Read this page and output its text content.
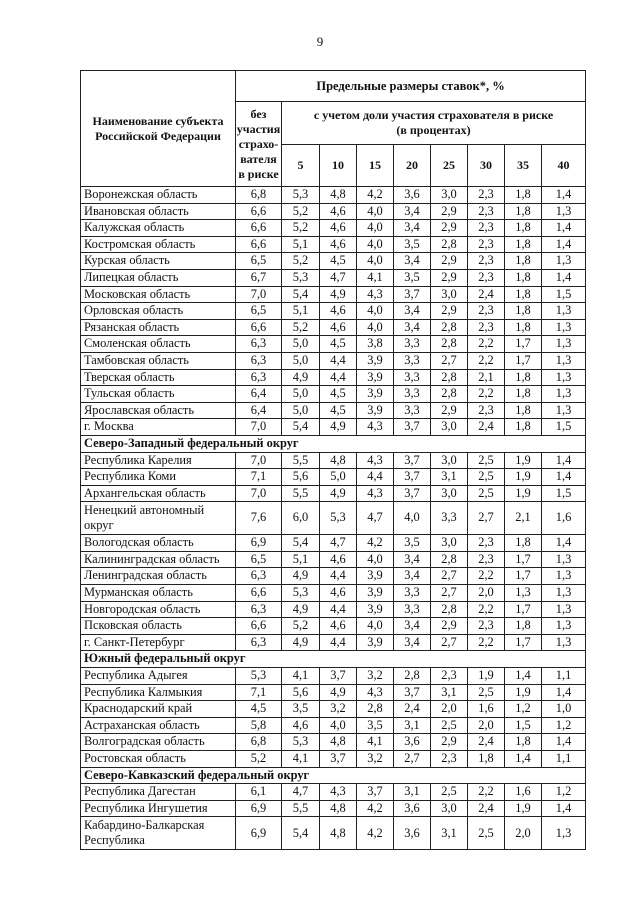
9
Наименование субъекта Российской Федерации	Предельные размеры ставок*, %								
	без участия страхо-вателя в риске	с учетом доли участия страхователя в риске
(в процентах)							

		5	10	15	20	25	30	35	40
Воронежская область	6,8	5,3	4,8	4,2	3,6	3,0	2,3	1,8	1,4
Ивановская область	6,6	5,2	4,6	4,0	3,4	2,9	2,3	1,8	1,3
Калужская область	6,6	5,2	4,6	4,0	3,4	2,9	2,3	1,8	1,4
Костромская область	6,6	5,1	4,6	4,0	3,5	2,8	2,3	1,8	1,4
Курская область	6,5	5,2	4,5	4,0	3,4	2,9	2,3	1,8	1,3
Липецкая область	6,7	5,3	4,7	4,1	3,5	2,9	2,3	1,8	1,4
Московская область	7,0	5,4	4,9	4,3	3,7	3,0	2,4	1,8	1,5
Орловская область	6,5	5,1	4,6	4,0	3,4	2,9	2,3	1,8	1,3
Рязанская область	6,6	5,2	4,6	4,0	3,4	2,8	2,3	1,8	1,3
Смоленская область	6,3	5,0	4,5	3,8	3,3	2,8	2,2	1,7	1,3
Тамбовская область	6,3	5,0	4,4	3,9	3,3	2,7	2,2	1,7	1,3
Тверская область	6,3	4,9	4,4	3,9	3,3	2,8	2,1	1,8	1,3
Тульская область	6,4	5,0	4,5	3,9	3,3	2,8	2,2	1,8	1,3
Ярославская область	6,4	5,0	4,5	3,9	3,3	2,9	2,3	1,8	1,3
г. Москва	7,0	5,4	4,9	4,3	3,7	3,0	2,4	1,8	1,5
Северо-Западный федеральный округ									
Республика Карелия	7,0	5,5	4,8	4,3	3,7	3,0	2,5	1,9	1,4
Республика Коми	7,1	5,6	5,0	4,4	3,7	3,1	2,5	1,9	1,4
Архангельская область	7,0	5,5	4,9	4,3	3,7	3,0	2,5	1,9	1,5
Ненецкий автономный округ	7,6	6,0	5,3	4,7	4,0	3,3	2,7	2,1	1,6
Вологодская область	6,9	5,4	4,7	4,2	3,5	3,0	2,3	1,8	1,4
Калининградская область	6,5	5,1	4,6	4,0	3,4	2,8	2,3	1,7	1,3
Ленинградская область	6,3	4,9	4,4	3,9	3,4	2,7	2,2	1,7	1,3
Мурманская область	6,6	5,3	4,6	3,9	3,3	2,7	2,0	1,3	1,3
Новгородская область	6,3	4,9	4,4	3,9	3,3	2,8	2,2	1,7	1,3
Псковская область	6,6	5,2	4,6	4,0	3,4	2,9	2,3	1,8	1,3
г. Санкт-Петербург	6,3	4,9	4,4	3,9	3,4	2,7	2,2	1,7	1,3
Южный федеральный округ									
Республика Адыгея	5,3	4,1	3,7	3,2	2,8	2,3	1,9	1,4	1,1
Республика Калмыкия	7,1	5,6	4,9	4,3	3,7	3,1	2,5	1,9	1,4
Краснодарский край	4,5	3,5	3,2	2,8	2,4	2,0	1,6	1,2	1,0
Астраханская область	5,8	4,6	4,0	3,5	3,1	2,5	2,0	1,5	1,2
Волгоградская область	6,8	5,3	4,8	4,1	3,6	2,9	2,4	1,8	1,4
Ростовская область	5,2	4,1	3,7	3,2	2,7	2,3	1,8	1,4	1,1
Северо-Кавказский федеральный округ									
Республика Дагестан	6,1	4,7	4,3	3,7	3,1	2,5	2,2	1,6	1,2
Республика Ингушетия	6,9	5,5	4,8	4,2	3,6	3,0	2,4	1,9	1,4
Кабардино-Балкарская Республика	6,9	5,4	4,8	4,2	3,6	3,1	2,5	2,0	1,3
